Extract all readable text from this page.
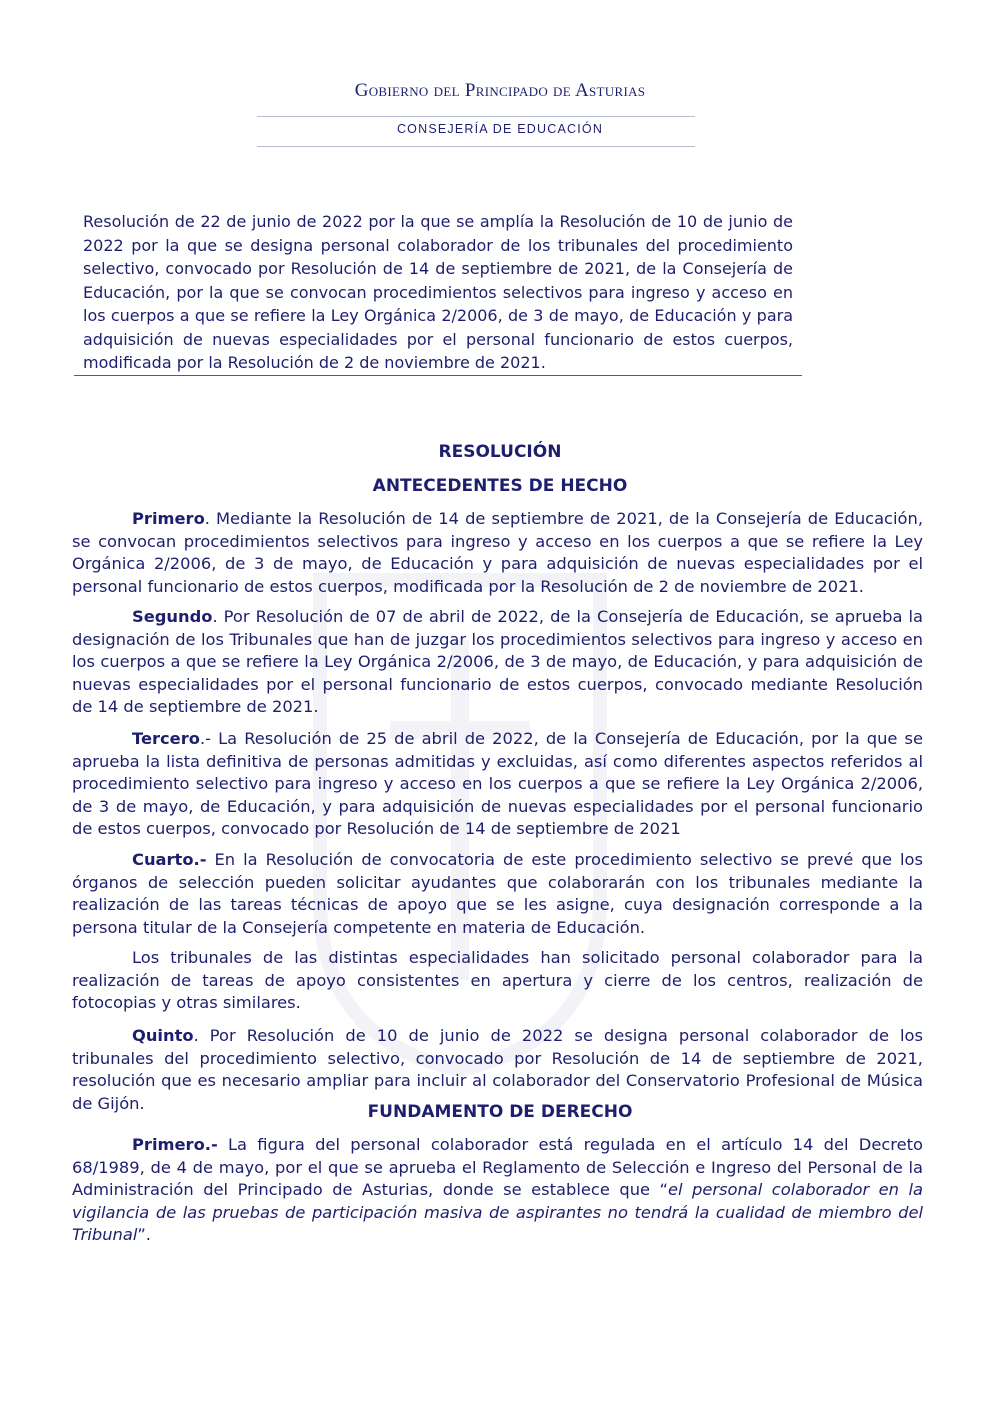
Gobierno del Principado de Asturias
CONSEJERÍA DE EDUCACIÓN
Resolución de 22 de junio de 2022 por la que se amplía la Resolución de 10 de junio de 2022 por la que se designa personal colaborador de los tribunales del procedimiento selectivo, convocado por Resolución de 14 de septiembre de 2021, de la Consejería de Educación, por la que se convocan procedimientos selectivos para ingreso y acceso en los cuerpos a que se refiere la Ley Orgánica 2/2006, de 3 de mayo, de Educación y para adquisición de nuevas especialidades por el personal funcionario de estos cuerpos, modificada por la Resolución de 2 de noviembre de 2021.
RESOLUCIÓN
ANTECEDENTES DE HECHO

Primero. Mediante la Resolución de 14 de septiembre de 2021, de la Consejería de Educación, se convocan procedimientos selectivos para ingreso y acceso en los cuerpos a que se refiere la Ley Orgánica 2/2006, de 3 de mayo, de Educación y para adquisición de nuevas especialidades por el personal funcionario de estos cuerpos, modificada por la Resolución de 2 de noviembre de 2021.

Segundo. Por Resolución de 07 de abril de 2022, de la Consejería de Educación, se aprueba la designación de los Tribunales que han de juzgar los procedimientos selectivos para ingreso y acceso en los cuerpos a que se refiere la Ley Orgánica 2/2006, de 3 de mayo, de Educación, y para adquisición de nuevas especialidades por el personal funcionario de estos cuerpos, convocado mediante Resolución de 14 de septiembre de 2021.

Tercero.- La Resolución de 25 de abril de 2022, de la Consejería de Educación, por la que se aprueba la lista definitiva de personas admitidas y excluidas, así como diferentes aspectos referidos al procedimiento selectivo para ingreso y acceso en los cuerpos a que se refiere la Ley Orgánica 2/2006, de 3 de mayo, de Educación, y para adquisición de nuevas especialidades por el personal funcionario de estos cuerpos, convocado por Resolución de 14 de septiembre de 2021

Cuarto.- En la Resolución de convocatoria de este procedimiento selectivo se prevé que los órganos de selección pueden solicitar ayudantes que colaborarán con los tribunales mediante la realización de las tareas técnicas de apoyo que se les asigne, cuya designación corresponde a la persona titular de la Consejería competente en materia de Educación.

Los tribunales de las distintas especialidades han solicitado personal colaborador para la realización de tareas de apoyo consistentes en apertura y cierre de los centros, realización de fotocopias y otras similares.

Quinto. Por Resolución de 10 de junio de 2022 se designa personal colaborador de los tribunales del procedimiento selectivo, convocado por Resolución de 14 de septiembre de 2021, resolución que es necesario ampliar para incluir al colaborador del Conservatorio Profesional de Música de Gijón.	FUNDAMENTO DE DERECHO

Primero.- La figura del personal colaborador está regulada en el artículo 14 del Decreto 68/1989, de 4 de mayo, por el que se aprueba el Reglamento de Selección e Ingreso del Personal de la Administración del Principado de Asturias, donde se establece que “el personal colaborador en la vigilancia de las pruebas de participación masiva de aspirantes no tendrá la cualidad de miembro del Tribunal”.
